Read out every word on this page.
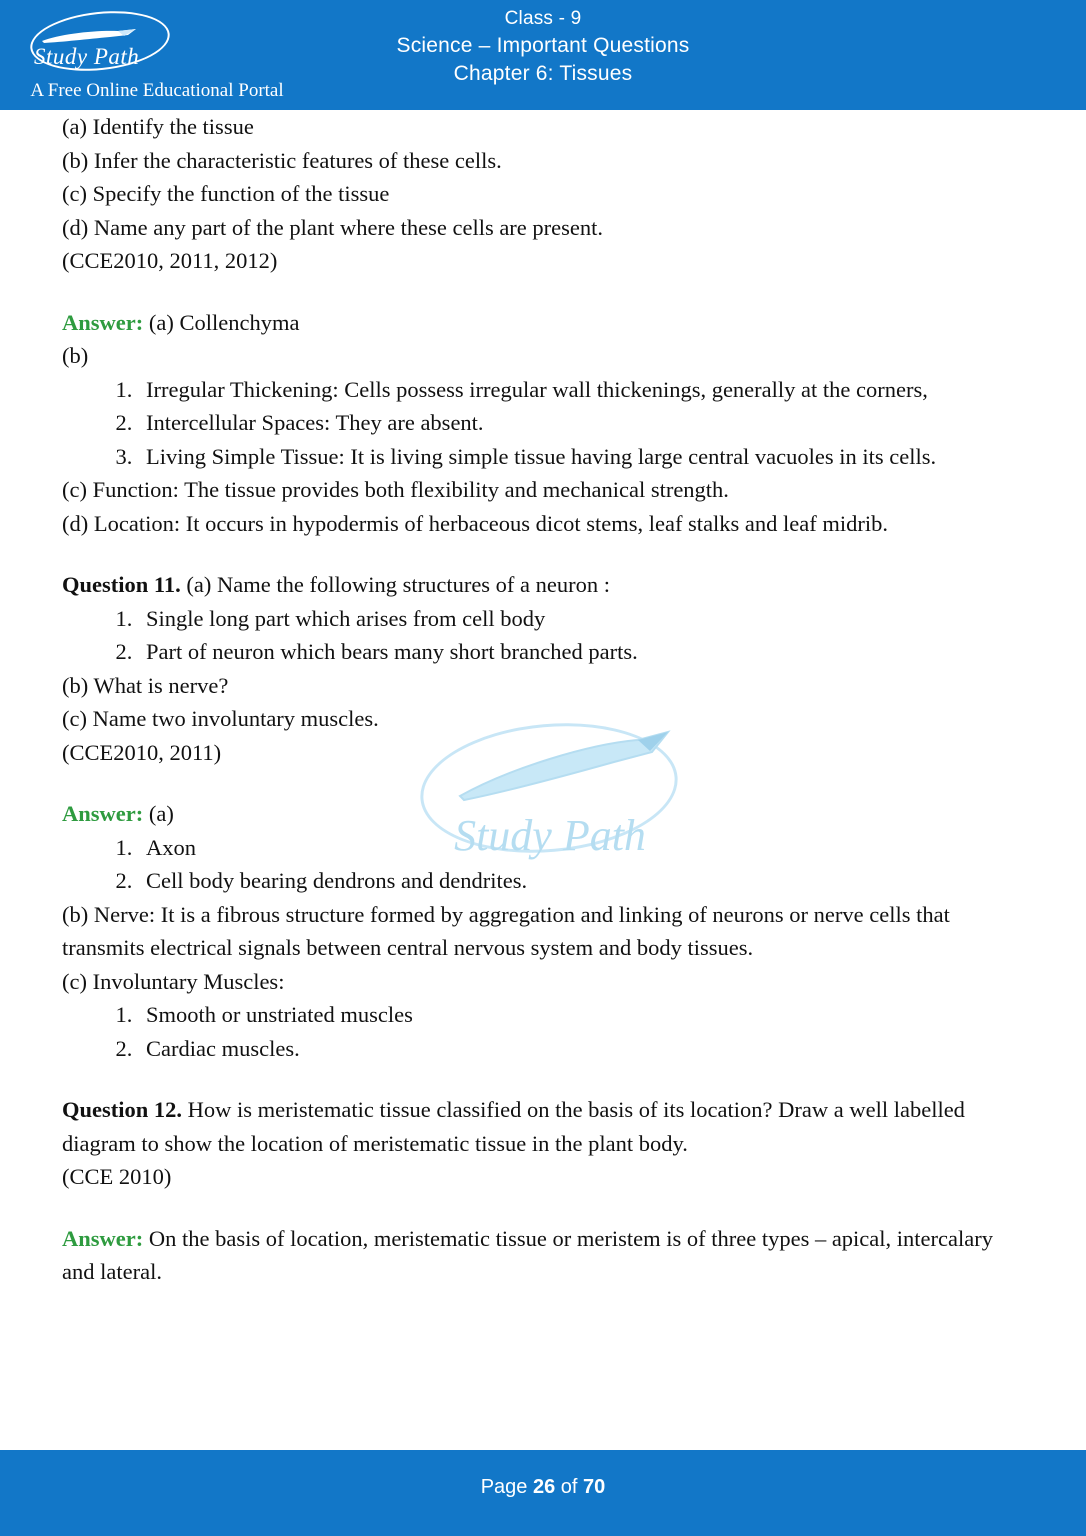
Study Path
A Free Online Educational Portal
Class - 9
Science – Important Questions
Chapter 6: Tissues

(a) Identify the tissue

(b) Infer the characteristic features of these cells.

(c) Specify the function of the tissue

(d) Name any part of the plant where these cells are present.

(CCE2010, 2011, 2012)

Answer: (a) Collenchyma

(b)

1. Irregular Thickening: Cells possess irregular wall thickenings, generally at the corners,
2. Intercellular Spaces: They are absent.
3. Living Simple Tissue: It is living simple tissue having large central vacuoles in its cells.

(c) Function: The tissue provides both flexibility and mechanical strength.

(d) Location: It occurs in hypodermis of herbaceous dicot stems, leaf stalks and leaf midrib.

Question 11. (a) Name the following structures of a neuron :

1. Single long part which arises from cell body
2. Part of neuron which bears many short branched parts.

(b) What is nerve?

(c) Name two involuntary muscles.

(CCE2010, 2011)

Answer: (a)

1. Axon
2. Cell body bearing dendrons and dendrites.

(b) Nerve: It is a fibrous structure formed by aggregation and linking of neurons or nerve cells that transmits electrical signals between central nervous system and body tissues.

(c) Involuntary Muscles:

1. Smooth or unstriated muscles
2. Cardiac muscles.

Question 12. How is meristematic tissue classified on the basis of its location? Draw a well labelled diagram to show the location of meristematic tissue in the plant body.

(CCE 2010)

Answer: On the basis of location, meristematic tissue or meristem is of three types – apical, intercalary and lateral.

Study Path
Page 26 of 70
